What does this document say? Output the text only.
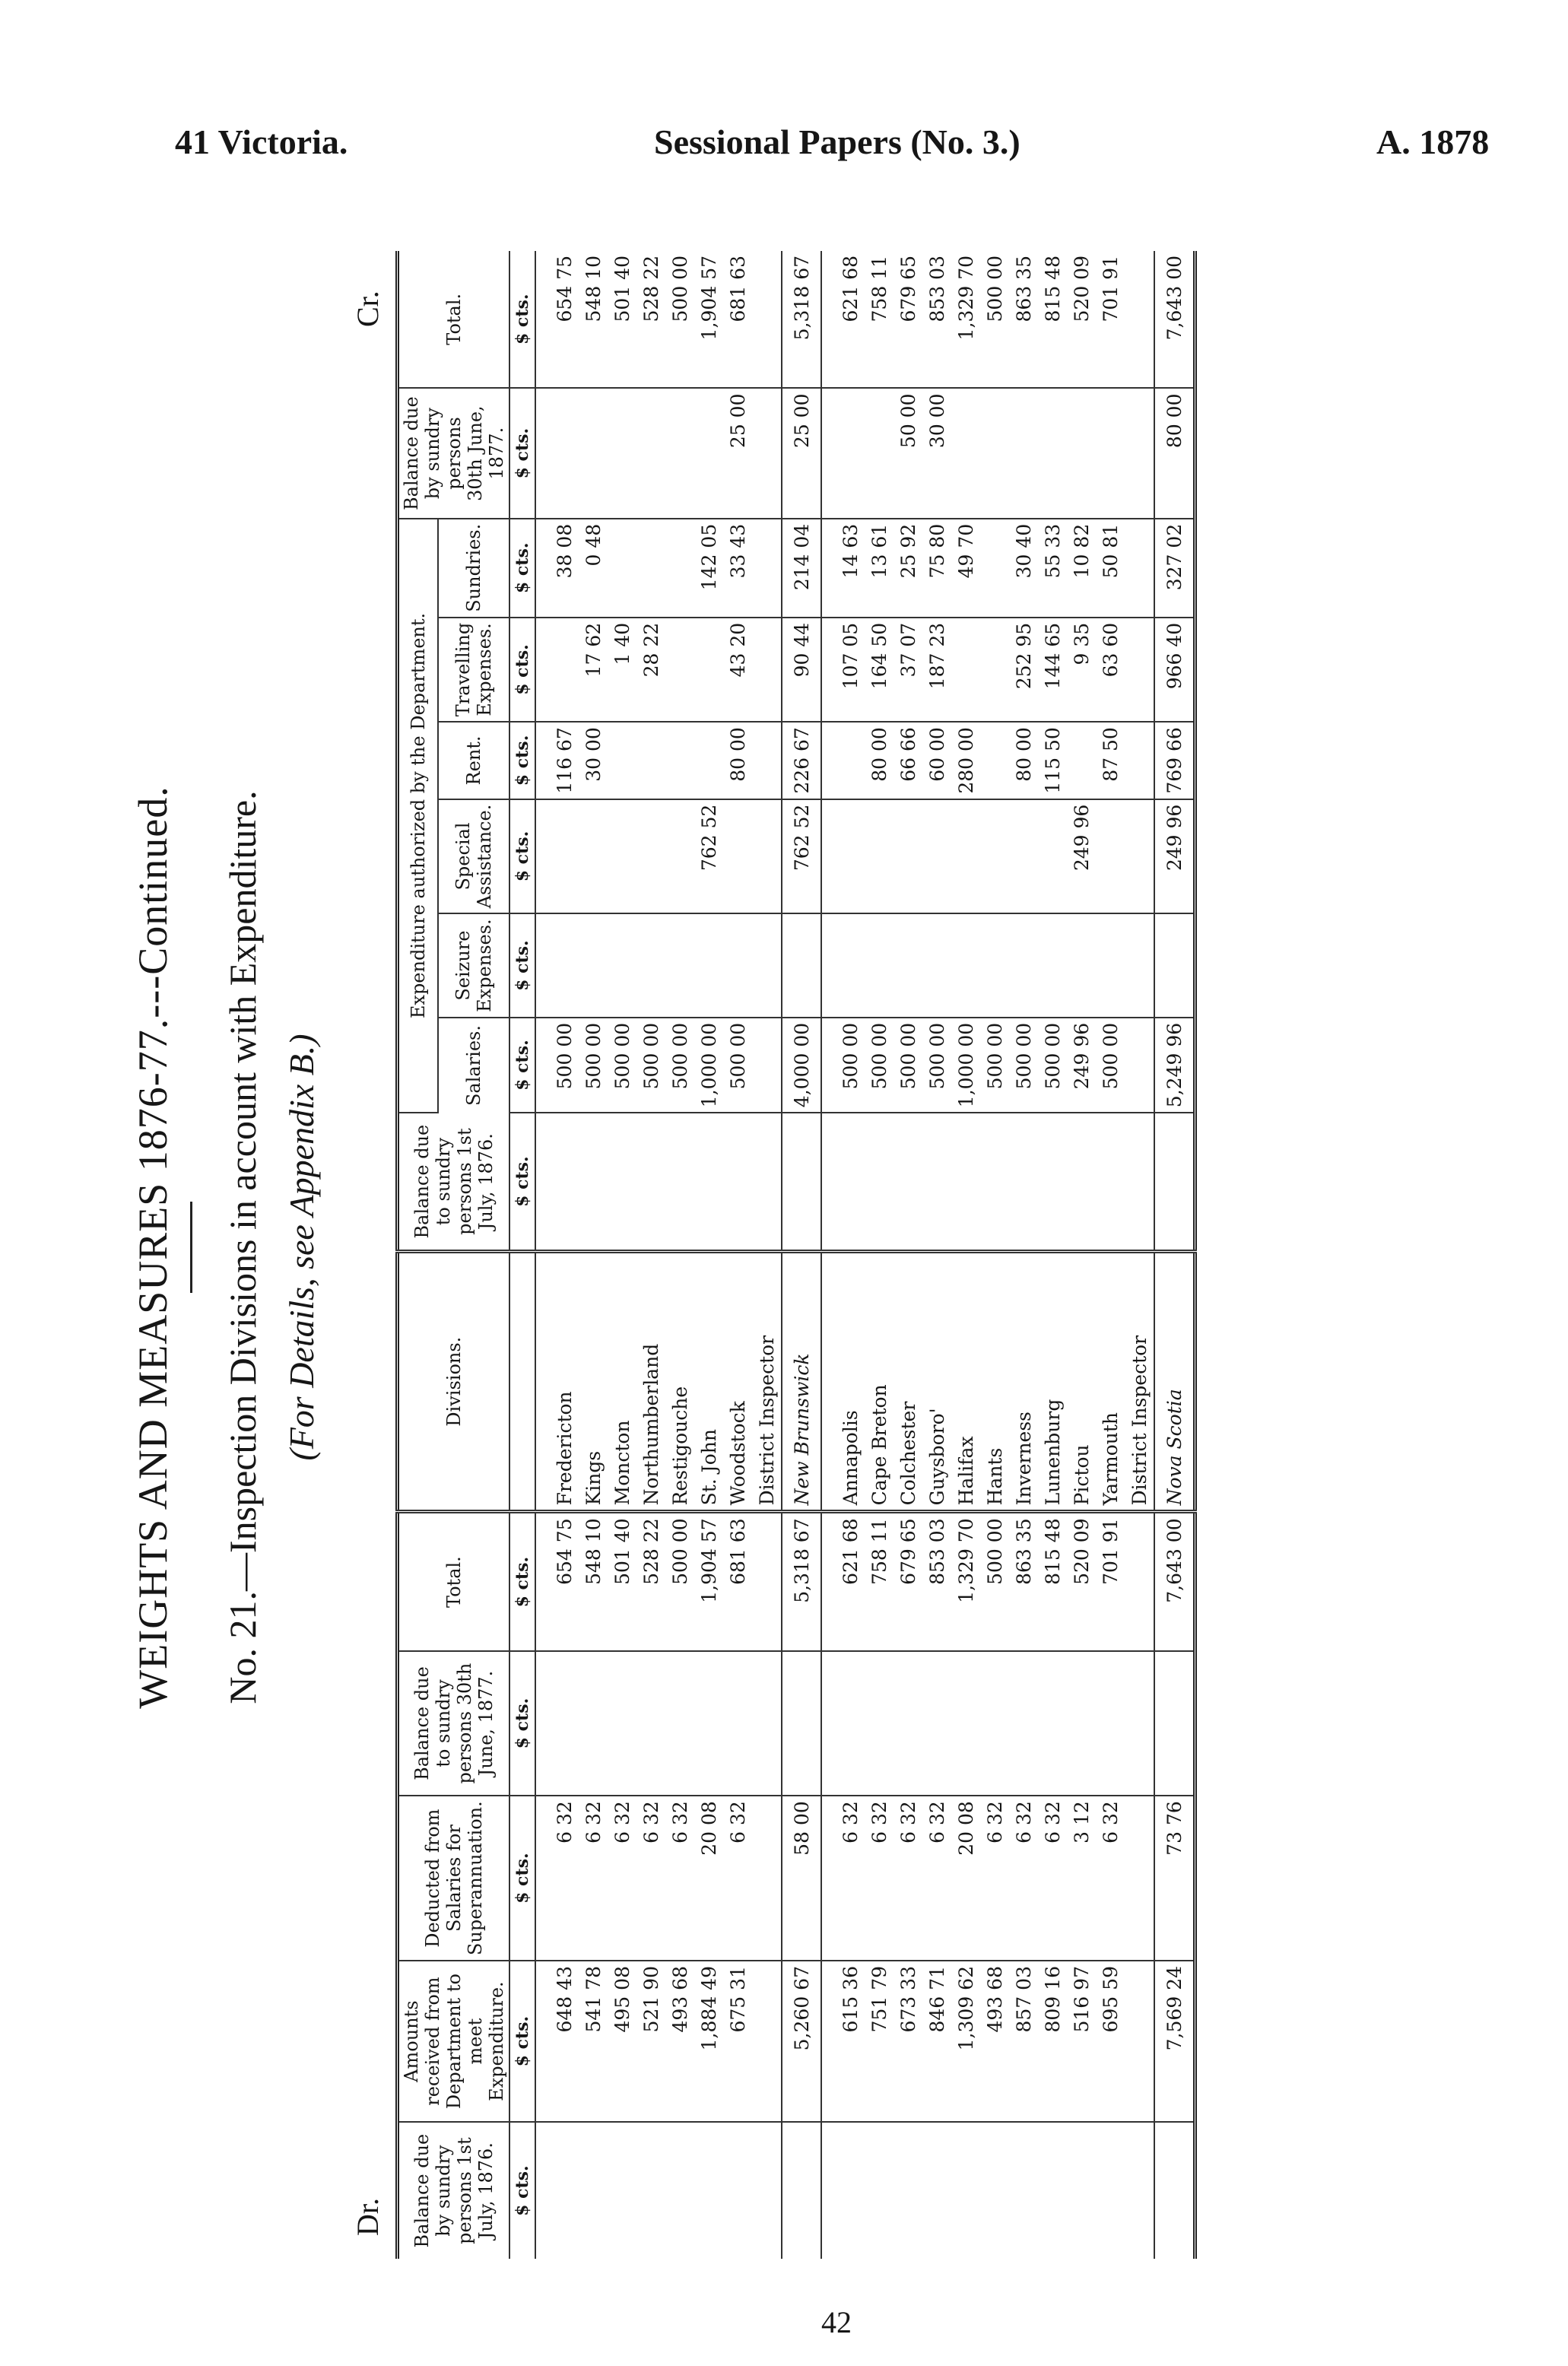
41 Victoria.	Sessional Papers (No. 3.)	A. 1878
WEIGHTS AND MEASURES 1876-77.---Continued. No. 21.—Inspection Divisions in account with Expenditure. (For Details, see Appendix B.)
Dr.
Cr.
Balance due by sundry persons 1st July, 1876.	Amounts received from Department to meet Expenditure.	Deducted from Salaries for Superannuation.	Balance due to sundry persons 30th June, 1877.	Total.	Divisions.	Balance due to sundry persons 1st July, 1876.	Expenditure authorized by the Department.						Balance due by sundry persons 30th June, 1877.	Total.
							Salaries.	Seizure Expenses.	Special Assistance.	Rent.	Travelling Expenses.	Sundries.		
$ cts.	$ cts.	$ cts.	$ cts.	$ cts.		$ cts.	$ cts.	$ cts.	$ cts.	$ cts.	$ cts.	$ cts.	$ cts.	$ cts.

	648 43	6 32		654 75	Fredericton		500 00			116 67		38 08		654 75
	541 78	6 32		548 10	Kings		500 00			30 00	17 62	0 48		548 10
	495 08	6 32		501 40	Moncton		500 00				1 40			501 40
	521 90	6 32		528 22	Northumberland		500 00				28 22			528 22
	493 68	6 32		500 00	Restigouche		500 00							500 00
	1,884 49	20 08		1,904 57	St. John		1,000 00		762 52			142 05		1,904 57
	675 31	6 32		681 63	Woodstock		500 00			80 00	43 20	33 43	25 00	681 63
					District Inspector									
	5,260 67	58 00		5,318 67	New Brunswick		4,000 00		762 52	226 67	90 44	214 04	25 00	5,318 67

	615 36	6 32		621 68	Annapolis		500 00				107 05	14 63		621 68
	751 79	6 32		758 11	Cape Breton		500 00			80 00	164 50	13 61		758 11
	673 33	6 32		679 65	Colchester		500 00			66 66	37 07	25 92	50 00	679 65
	846 71	6 32		853 03	Guysboro'		500 00			60 00	187 23	75 80	30 00	853 03
	1,309 62	20 08		1,329 70	Halifax		1,000 00			280 00		49 70		1,329 70
	493 68	6 32		500 00	Hants		500 00							500 00
	857 03	6 32		863 35	Inverness		500 00			80 00	252 95	30 40		863 35
	809 16	6 32		815 48	Lunenburg		500 00			115 50	144 65	55 33		815 48
	516 97	3 12		520 09	Pictou		249 96		249 96		9 35	10 82		520 09
	695 59	6 32		701 91	Yarmouth		500 00			87 50	63 60	50 81		701 91
					District Inspector									
	7,569 24	73 76		7,643 00	Nova Scotia		5,249 96		249 96	769 66	966 40	327 02	80 00	7,643 00
42
